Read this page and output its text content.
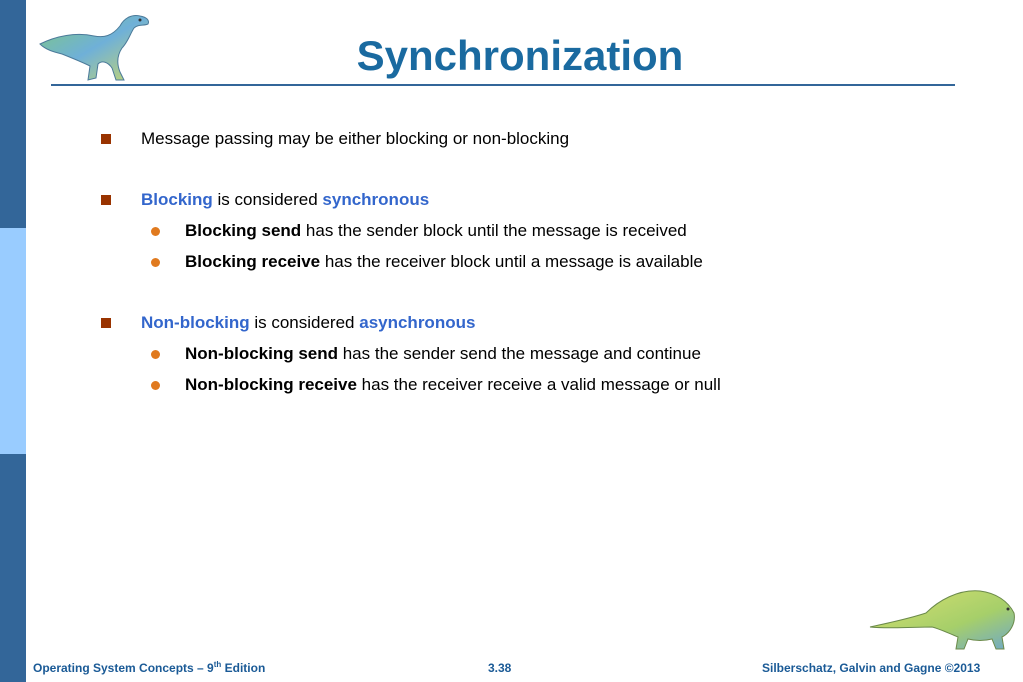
Synchronization
Message passing may be either blocking or non-blocking
Blocking is considered synchronous
Blocking send has the sender block until the message is received
Blocking receive has the receiver block until a message is available
Non-blocking is considered asynchronous
Non-blocking send has the sender send the message and continue
Non-blocking receive has the receiver receive a valid message or null
Operating System Concepts – 9th Edition	3.38	Silberschatz, Galvin and Gagne ©2013
